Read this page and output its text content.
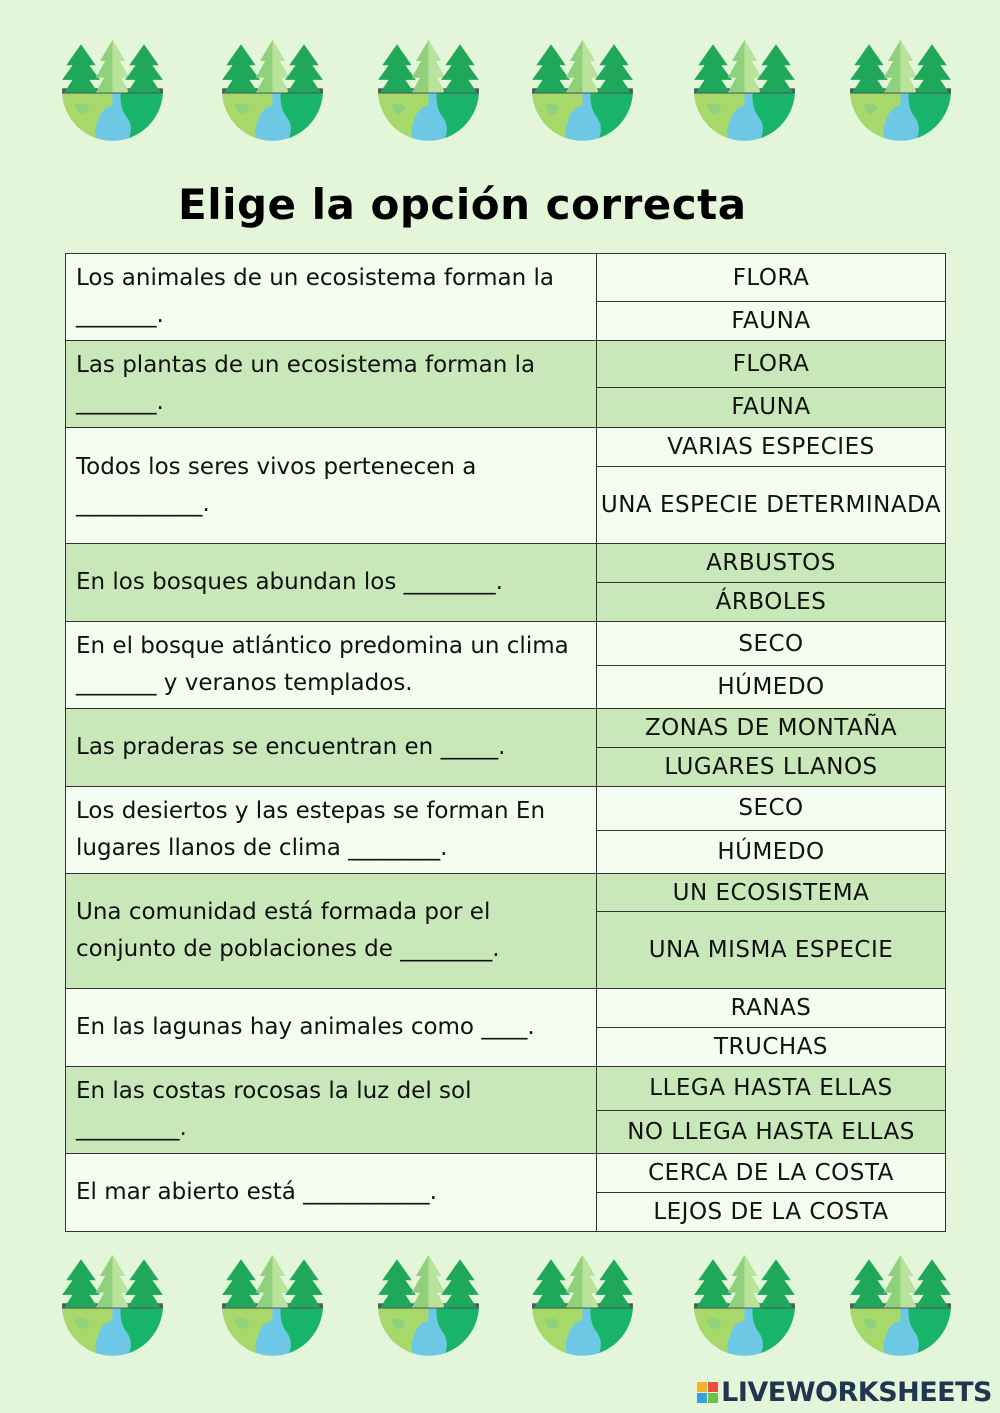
Elige la opción correcta
Los animales de un ecosistema forman la _______.	FLORA
	FAUNA
Las plantas de un ecosistema forman la _______.	FLORA
	FAUNA
Todos los seres vivos pertenecen a ___________.	VARIAS ESPECIES
	UNA ESPECIE DETERMINADA
En los bosques abundan los ________.	ARBUSTOS
	ÁRBOLES
En el bosque atlántico predomina un clima _______ y veranos templados.	SECO
	HÚMEDO
Las praderas se encuentran en _____.	ZONAS DE MONTAÑA
	LUGARES LLANOS
Los desiertos y las estepas se forman En lugares llanos de clima ________.	SECO
	HÚMEDO
Una comunidad está formada por el conjunto de poblaciones de ________.	UN ECOSISTEMA
	UNA MISMA ESPECIE
En las lagunas hay animales como ____.	RANAS
	TRUCHAS
En las costas rocosas la luz del sol _________.	LLEGA HASTA ELLAS
	NO LLEGA HASTA ELLAS
El mar abierto está ___________.	CERCA DE LA COSTA
	LEJOS DE LA COSTA
LIVEWORKSHEETS
